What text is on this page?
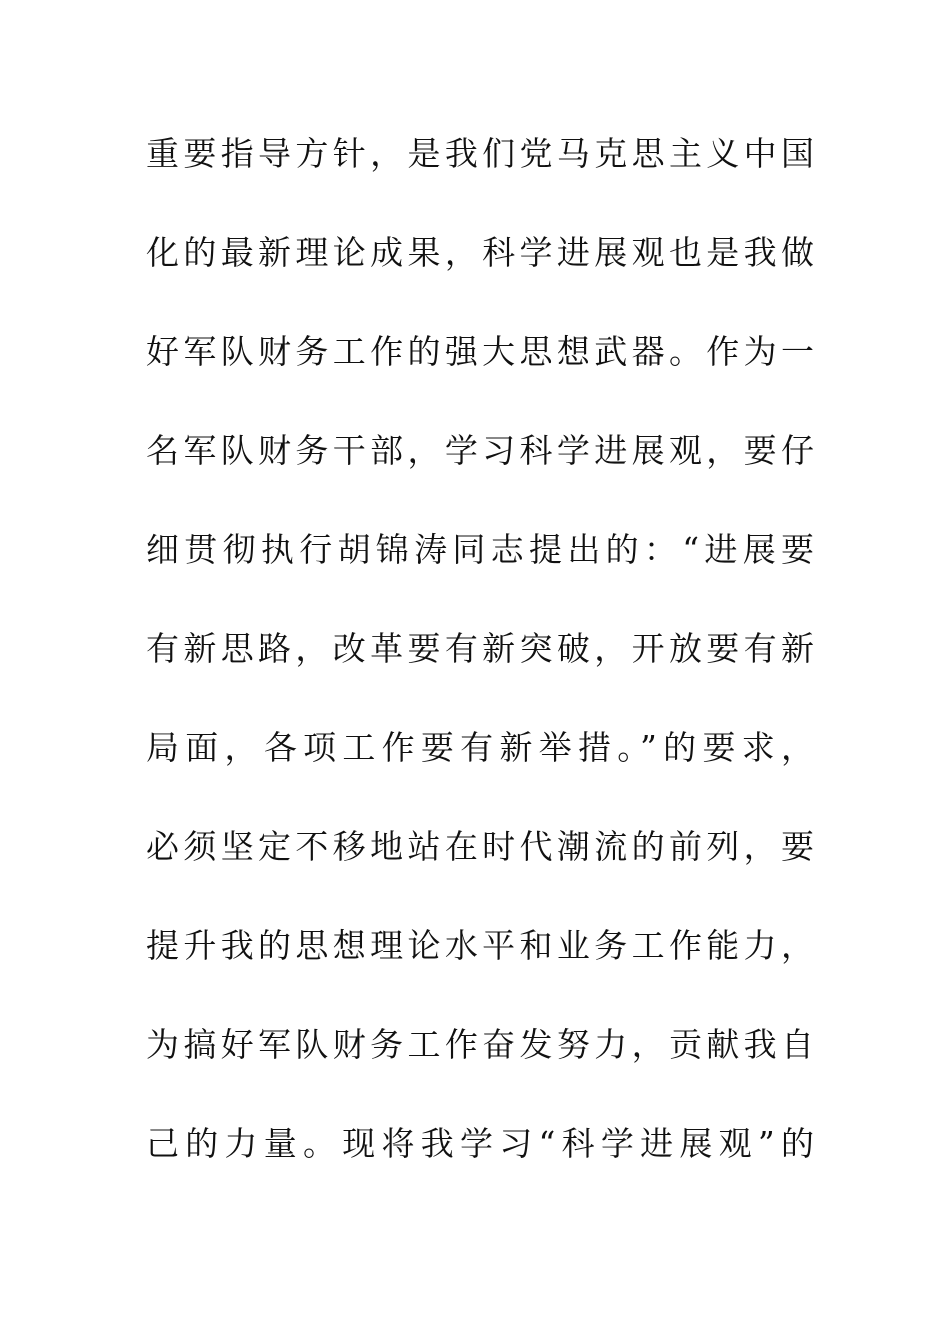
重要指导方针，是我们党马克思主义中国
化的最新理论成果，科学进展观也是我做
好军队财务工作的强大思想武器。作为一
名军队财务干部，学习科学进展观，要仔
细贯彻执行胡锦涛同志提出的：“进展要
有新思路，改革要有新突破，开放要有新
局面，各项工作要有新举措。”的要求，
必须坚定不移地站在时代潮流的前列，要
提升我的思想理论水平和业务工作能力，
为搞好军队财务工作奋发努力，贡献我自
己的力量。现将我学习“科学进展观”的
